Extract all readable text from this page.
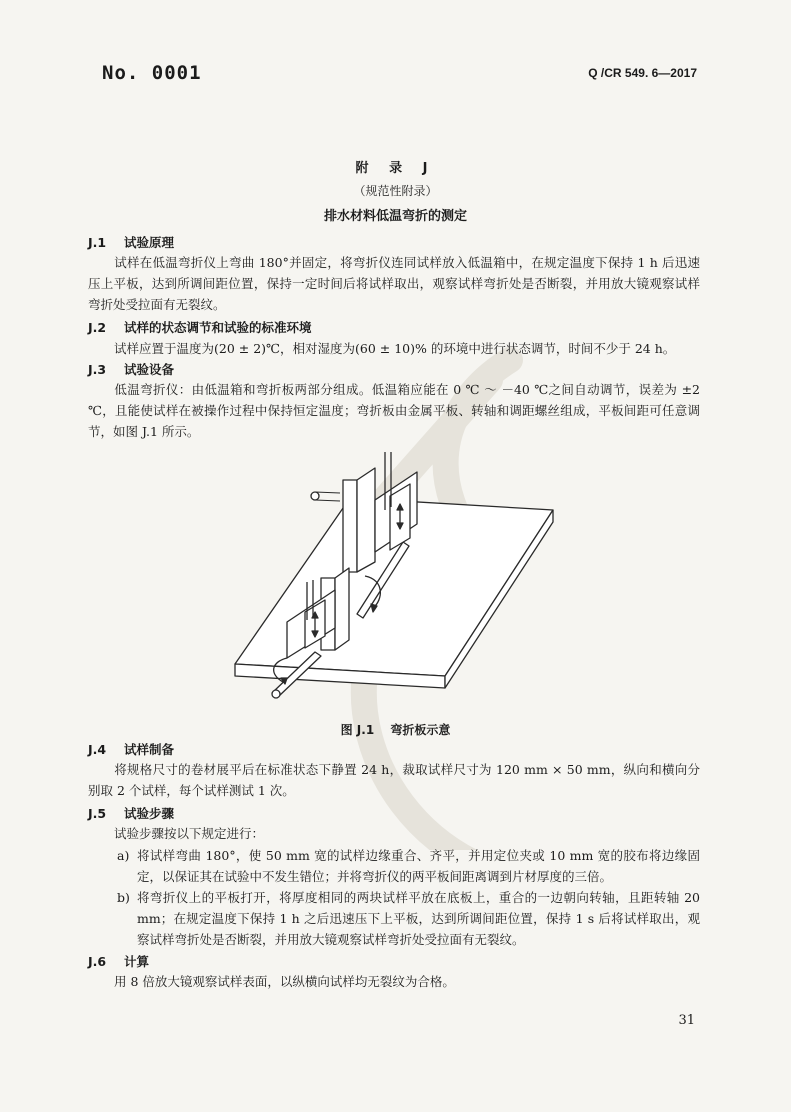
No. 0001	Q /CR 549. 6—2017
附 录 J
（规范性附录）
排水材料低温弯折的测定
J.1 试验原理
试样在低温弯折仪上弯曲 180°并固定，将弯折仪连同试样放入低温箱中，在规定温度下保持 1 h 后迅速压上平板，达到所调间距位置，保持一定时间后将试样取出，观察试样弯折处是否断裂，并用放大镜观察试样弯折处受拉面有无裂纹。
J.2 试样的状态调节和试验的标准环境
试样应置于温度为(20 ± 2)℃，相对湿度为(60 ± 10)% 的环境中进行状态调节，时间不少于 24 h。
J.3 试验设备
低温弯折仪：由低温箱和弯折板两部分组成。低温箱应能在 0 ℃ ～ －40 ℃之间自动调节，误差为 ±2 ℃，且能使试样在被操作过程中保持恒定温度；弯折板由金属平板、转轴和调距螺丝组成，平板间距可任意调节，如图 J.1 所示。
图 J.1　 弯折板示意
J.4 试样制备
将规格尺寸的卷材展平后在标准状态下静置 24 h，裁取试样尺寸为 120 mm × 50 mm，纵向和横向分别取 2 个试样，每个试样测试 1 次。
J.5 试验步骤
试验步骤按以下规定进行：
a) 将试样弯曲 180°，使 50 mm 宽的试样边缘重合、齐平，并用定位夹或 10 mm 宽的胶布将边缘固定，以保证其在试验中不发生错位；并将弯折仪的两平板间距离调到片材厚度的三倍。
b) 将弯折仪上的平板打开，将厚度相同的两块试样平放在底板上，重合的一边朝向转轴，且距转轴 20 mm；在规定温度下保持 1 h 之后迅速压下上平板，达到所调间距位置，保持 1 s 后将试样取出，观察试样弯折处是否断裂，并用放大镜观察试样弯折处受拉面有无裂纹。
J.6 计算
用 8 倍放大镜观察试样表面，以纵横向试样均无裂纹为合格。
31
